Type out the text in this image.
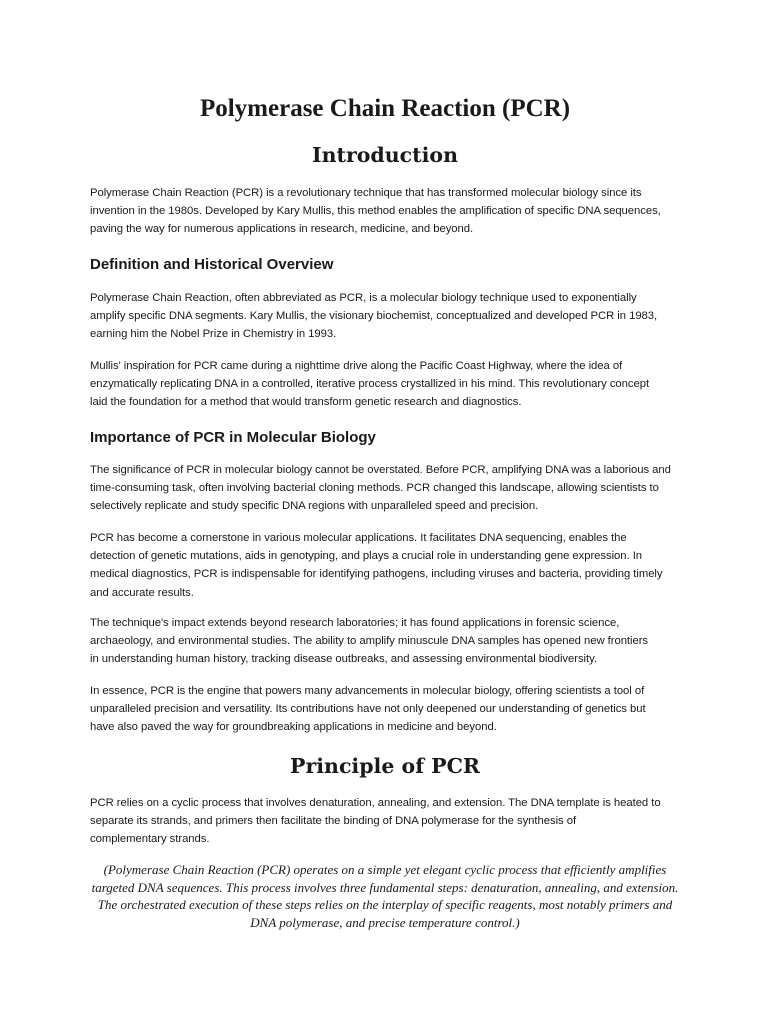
Polymerase Chain Reaction (PCR)
Introduction

Polymerase Chain Reaction (PCR) is a revolutionary technique that has transformed molecular biology since its
invention in the 1980s. Developed by Kary Mullis, this method enables the amplification of specific DNA sequences,
paving the way for numerous applications in research, medicine, and beyond.

Definition and Historical Overview

Polymerase Chain Reaction, often abbreviated as PCR, is a molecular biology technique used to exponentially
amplify specific DNA segments. Kary Mullis, the visionary biochemist, conceptualized and developed PCR in 1983,
earning him the Nobel Prize in Chemistry in 1993.

Mullis' inspiration for PCR came during a nighttime drive along the Pacific Coast Highway, where the idea of
enzymatically replicating DNA in a controlled, iterative process crystallized in his mind. This revolutionary concept
laid the foundation for a method that would transform genetic research and diagnostics.

Importance of PCR in Molecular Biology

The significance of PCR in molecular biology cannot be overstated. Before PCR, amplifying DNA was a laborious and
time-consuming task, often involving bacterial cloning methods. PCR changed this landscape, allowing scientists to
selectively replicate and study specific DNA regions with unparalleled speed and precision.

PCR has become a cornerstone in various molecular applications. It facilitates DNA sequencing, enables the
detection of genetic mutations, aids in genotyping, and plays a crucial role in understanding gene expression. In
medical diagnostics, PCR is indispensable for identifying pathogens, including viruses and bacteria, providing timely
and accurate results.

The technique's impact extends beyond research laboratories; it has found applications in forensic science,
archaeology, and environmental studies. The ability to amplify minuscule DNA samples has opened new frontiers
in understanding human history, tracking disease outbreaks, and assessing environmental biodiversity.

In essence, PCR is the engine that powers many advancements in molecular biology, offering scientists a tool of
unparalleled precision and versatility. Its contributions have not only deepened our understanding of genetics but
have also paved the way for groundbreaking applications in medicine and beyond.

Principle of PCR

PCR relies on a cyclic process that involves denaturation, annealing, and extension. The DNA template is heated to
separate its strands, and primers then facilitate the binding of DNA polymerase for the synthesis of
complementary strands.

(Polymerase Chain Reaction (PCR) operates on a simple yet elegant cyclic process that efficiently amplifies
targeted DNA sequences. This process involves three fundamental steps: denaturation, annealing, and extension.
The orchestrated execution of these steps relies on the interplay of specific reagents, most notably primers and
DNA polymerase, and precise temperature control.)
